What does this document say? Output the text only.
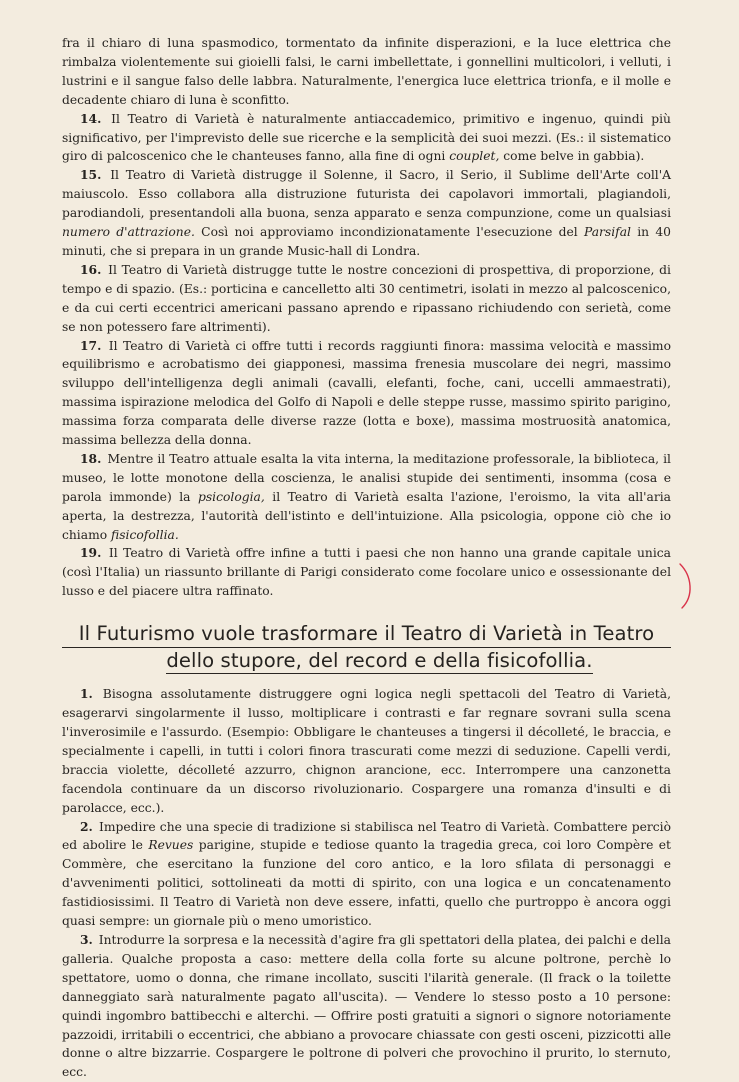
fra il chiaro di luna spasmodico, tormentato da infinite disperazioni, e la luce elettrica che rimbalza violentemente sui gioielli falsi, le carni imbellettate, i gonnellini multicolori, i velluti, i lustrini e il sangue falso delle labbra. Naturalmente, l'energica luce elettrica trionfa, e il molle e decadente chiaro di luna è sconfitto.

14. Il Teatro di Varietà è naturalmente antiaccademico, primitivo e ingenuo, quindi più significativo, per l'imprevisto delle sue ricerche e la semplicità dei suoi mezzi. (Es.: il sistematico giro di palcoscenico che le chanteuses fanno, alla fine di ogni couplet, come belve in gabbia).

15. Il Teatro di Varietà distrugge il Solenne, il Sacro, il Serio, il Sublime dell'Arte coll'A maiuscolo. Esso collabora alla distruzione futurista dei capolavori immortali, plagiandoli, parodiandoli, presentandoli alla buona, senza apparato e senza compunzione, come un qualsiasi numero d'attrazione. Così noi approviamo incondizionatamente l'esecuzione del Parsifal in 40 minuti, che si prepara in un grande Music-hall di Londra.

16. Il Teatro di Varietà distrugge tutte le nostre concezioni di prospettiva, di proporzione, di tempo e di spazio. (Es.: porticina e cancelletto alti 30 centimetri, isolati in mezzo al palcoscenico, e da cui certi eccentrici americani passano aprendo e ripassano richiudendo con serietà, come se non potessero fare altrimenti).

17. Il Teatro di Varietà ci offre tutti i records raggiunti finora: massima velocità e massimo equilibrismo e acrobatismo dei giapponesi, massima frenesia muscolare dei negri, massimo sviluppo dell'intelligenza degli animali (cavalli, elefanti, foche, cani, uccelli ammaestrati), massima ispirazione melodica del Golfo di Napoli e delle steppe russe, massimo spirito parigino, massima forza comparata delle diverse razze (lotta e boxe), massima mostruosità anatomica, massima bellezza della donna.

18. Mentre il Teatro attuale esalta la vita interna, la meditazione professorale, la biblioteca, il museo, le lotte monotone della coscienza, le analisi stupide dei sentimenti, insomma (cosa e parola immonde) la psicologia, il Teatro di Varietà esalta l'azione, l'eroismo, la vita all'aria aperta, la destrezza, l'autorità dell'istinto e dell'intuizione. Alla psicologia, oppone ciò che io chiamo fisicofollia.

19. Il Teatro di Varietà offre infine a tutti i paesi che non hanno una grande capitale unica (così l'Italia) un riassunto brillante di Parigi considerato come focolare unico e ossessionante del lusso e del piacere ultra raffinato.

Il Futurismo vuole trasformare il Teatro di Varietà in Teatro
dello stupore, del record e della fisicofollia.

1. Bisogna assolutamente distruggere ogni logica negli spettacoli del Teatro di Varietà, esagerarvi singolarmente il lusso, moltiplicare i contrasti e far regnare sovrani sulla scena l'inverosimile e l'assurdo. (Esempio: Obbligare le chanteuses a tingersi il décolleté, le braccia, e specialmente i capelli, in tutti i colori finora trascurati come mezzi di seduzione. Capelli verdi, braccia violette, décolleté azzurro, chignon arancione, ecc. Interrompere una canzonetta facendola continuare da un discorso rivoluzionario. Cospargere una romanza d'insulti e di parolacce, ecc.).

2. Impedire che una specie di tradizione si stabilisca nel Teatro di Varietà. Combattere perciò ed abolire le Revues parigine, stupide e tediose quanto la tragedia greca, coi loro Compère et Commère, che esercitano la funzione del coro antico, e la loro sfilata di personaggi e d'avvenimenti politici, sottolineati da motti di spirito, con una logica e un concatenamento fastidiosissimi. Il Teatro di Varietà non deve essere, infatti, quello che purtroppo è ancora oggi quasi sempre: un giornale più o meno umoristico.

3. Introdurre la sorpresa e la necessità d'agire fra gli spettatori della platea, dei palchi e della galleria. Qualche proposta a caso: mettere della colla forte su alcune poltrone, perchè lo spettatore, uomo o donna, che rimane incollato, susciti l'ilarità generale. (Il frack o la toilette danneggiato sarà naturalmente pagato all'uscita). — Vendere lo stesso posto a 10 persone: quindi ingombro battibecchi e alterchi. — Offrire posti gratuiti a signori o signore notoriamente pazzoidi, irritabili o eccentrici, che abbiano a provocare chiassate con gesti osceni, pizzicotti alle donne o altre bizzarrie. Cospargere le poltrone di polveri che provochino il prurito, lo sternuto, ecc.
